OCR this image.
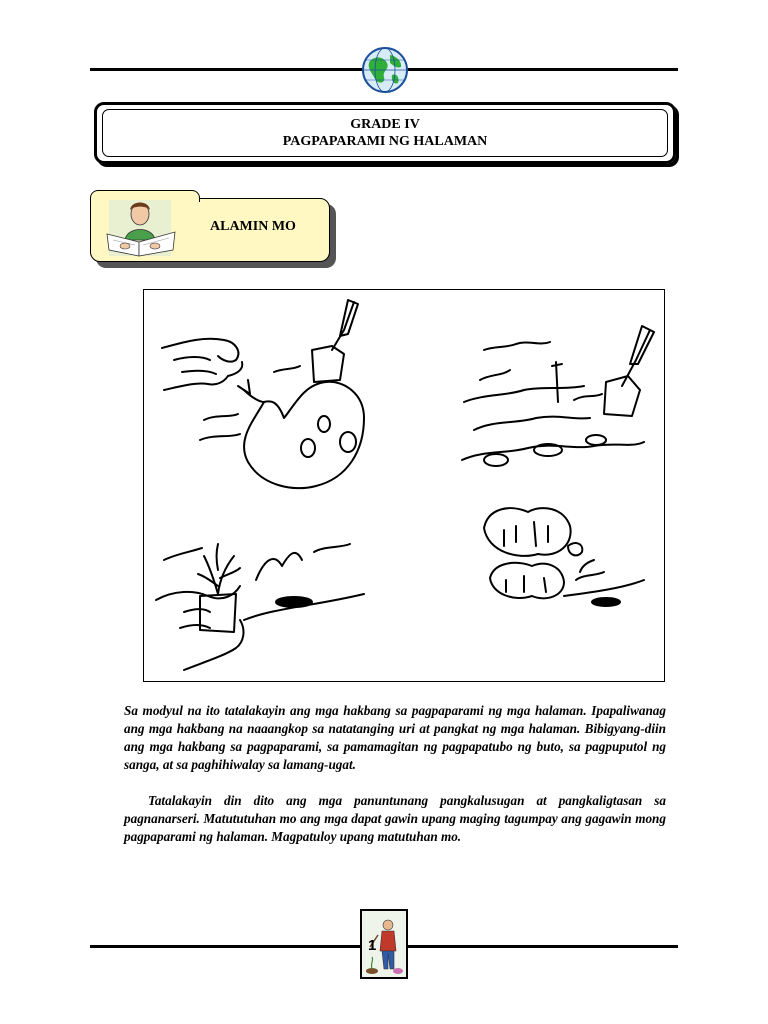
GRADE IV
PAGPAPARAMI NG HALAMAN
ALAMIN MO

Sa modyul na ito tatalakayin ang mga hakbang sa pagpaparami ng mga halaman. Ipapaliwanag ang mga hakbang na naaangkop sa natatanging uri at pangkat ng mga halaman. Bibigyang-diin ang mga hakbang sa pagpaparami, sa pamamagitan ng pagpapatubo ng buto, sa pagpuputol ng sanga, at sa paghihiwalay sa lamang-ugat.

Tatalakayin din dito ang mga panuntunang pangkalusugan at pangkaligtasan sa pagnanarseri. Matututuhan mo ang mga dapat gawin upang maging tagumpay ang gagawin mong pagpaparami ng halaman. Magpatuloy upang matutuhan mo.

1
